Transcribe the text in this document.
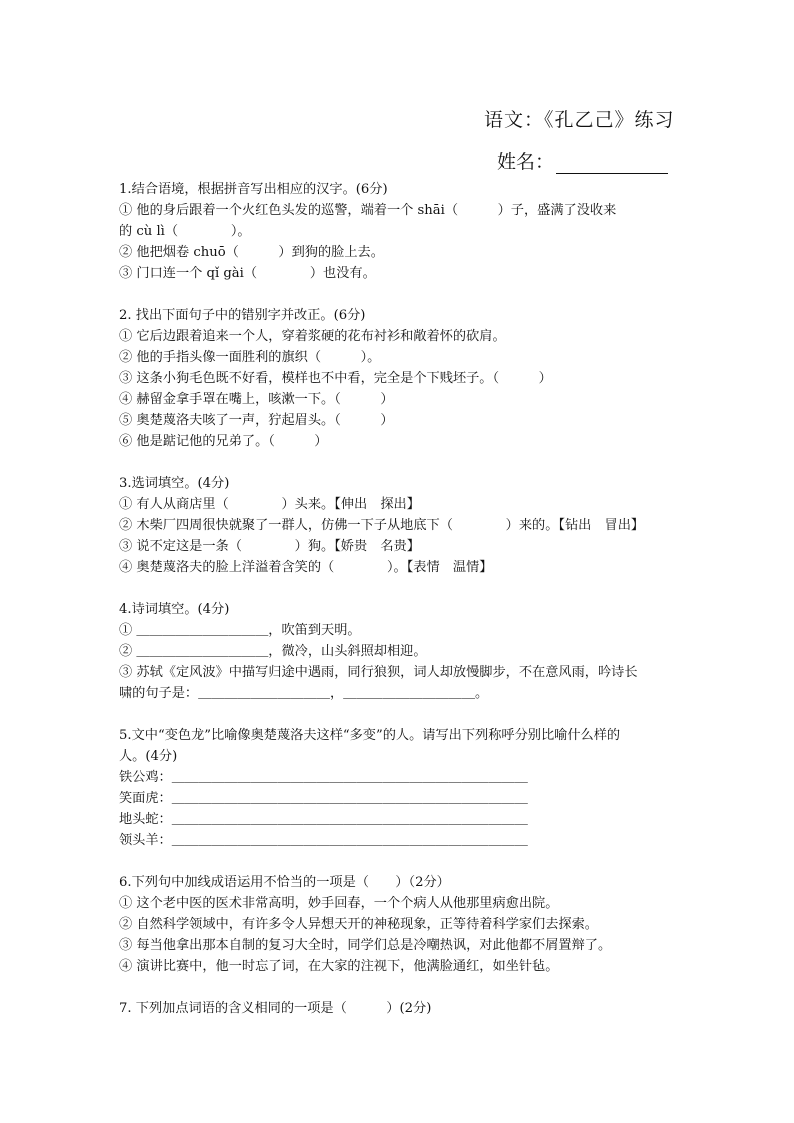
语文：《孔乙己》练习
姓名：
1.结合语境，根据拼音写出相应的汉字。(6分)
① 他的身后跟着一个火红色头发的巡警，端着一个 shāi（　　　）子，盛满了没收来
的 cù lì（　　　　）。
② 他把烟卷 chuō（　　　）到狗的脸上去。
③ 门口连一个 qǐ gài（　　　　）也没有。
2. 找出下面句子中的错别字并改正。(6分)
① 它后边跟着追来一个人，穿着浆硬的花布衬衫和敞着怀的砍肩。
② 他的手指头像一面胜利的旗织（　　　）。
③ 这条小狗毛色既不好看，模样也不中看，完全是个下贱坯子。（　　　）
④ 赫留金拿手罩在嘴上，咳漱一下。（　　　）
⑤ 奥楚蔑洛夫咳了一声，狞起眉头。（　　　）
⑥ 他是踮记他的兄弟了。（　　　）
3.选词填空。(4分)
① 有人从商店里（　　　　）头来。【伸出　探出】
② 木柴厂四周很快就聚了一群人，仿佛一下子从地底下（　　　　）来的。【钻出　冒出】
③ 说不定这是一条（　　　　）狗。【娇贵　名贵】
④ 奥楚蔑洛夫的脸上洋溢着含笑的（　　　　）。【表情　温情】
4.诗词填空。(4分)
① ＿＿＿＿＿＿＿＿＿＿，吹笛到天明。
② ＿＿＿＿＿＿＿＿＿＿，微冷，山头斜照却相迎。
③ 苏轼《定风波》中描写归途中遇雨，同行狼狈，词人却放慢脚步，不在意风雨，吟诗长
啸的句子是：＿＿＿＿＿＿＿＿＿＿，＿＿＿＿＿＿＿＿＿＿。
5.文中“变色龙”比喻像奥楚蔑洛夫这样“多变”的人。请写出下列称呼分别比喻什么样的
人。(4分)
铁公鸡：＿＿＿＿＿＿＿＿＿＿＿＿＿＿＿＿＿＿＿＿＿＿＿＿＿＿＿
笑面虎：＿＿＿＿＿＿＿＿＿＿＿＿＿＿＿＿＿＿＿＿＿＿＿＿＿＿＿
地头蛇：＿＿＿＿＿＿＿＿＿＿＿＿＿＿＿＿＿＿＿＿＿＿＿＿＿＿＿
领头羊：＿＿＿＿＿＿＿＿＿＿＿＿＿＿＿＿＿＿＿＿＿＿＿＿＿＿＿
6.下列句中加线成语运用不恰当的一项是（　　）（2分）
① 这个老中医的医术非常高明，妙手回春，一个个病人从他那里病愈出院。
② 自然科学领域中，有许多令人异想天开的神秘现象，正等待着科学家们去探索。
③ 每当他拿出那本自制的复习大全时，同学们总是冷嘲热讽，对此他都不屑置辩了。
④ 演讲比赛中，他一时忘了词，在大家的注视下，他满脸通红，如坐针毡。
7. 下列加点词语的含义相同的一项是（　　　）(2分)
